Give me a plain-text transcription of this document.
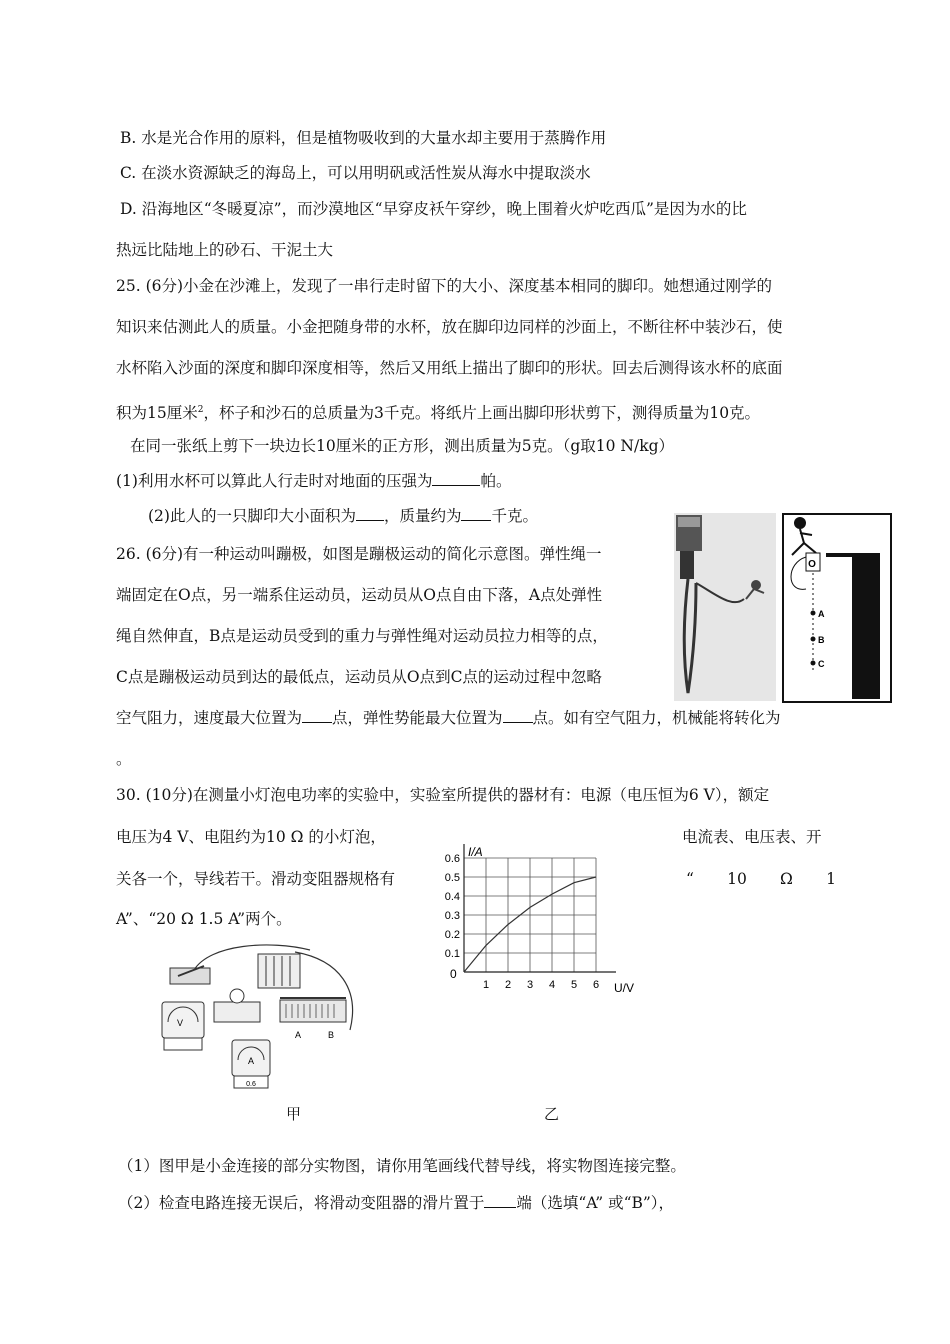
B. 水是光合作用的原料，但是植物吸收到的大量水却主要用于蒸腾作用
C. 在淡水资源缺乏的海岛上，可以用明矾或活性炭从海水中提取淡水
D. 沿海地区“冬暖夏凉”，而沙漠地区“早穿皮袄午穿纱，晚上围着火炉吃西瓜”是因为水的比
热远比陆地上的砂石、干泥土大
25. (6分)小金在沙滩上，发现了一串行走时留下的大小、深度基本相同的脚印。她想通过刚学的
知识来估测此人的质量。小金把随身带的水杯，放在脚印边同样的沙面上，不断往杯中装沙石，使
水杯陷入沙面的深度和脚印深度相等，然后又用纸上描出了脚印的形状。回去后测得该水杯的底面
积为15厘米$^2$，杯子和沙石的总质量为3千克。将纸片上画出脚印形状剪下，测得质量为10克。
在同一张纸上剪下一块边长10厘米的正方形，测出质量为5克。（g取10 N/kg）
(1)利用水杯可以算此人行走时对地面的压强为	帕。
(2)此人的一只脚印大小面积为 ，质量约为 千克。
26. (6分)有一种运动叫蹦极，如图是蹦极运动的简化示意图。弹性绳一
端固定在O点，另一端系住运动员，运动员从O点自由下落，A点处弹性
绳自然伸直，B点是运动员受到的重力与弹性绳对运动员拉力相等的点，
C点是蹦极运动员到达的最低点，运动员从O点到C点的运动过程中忽略
空气阻力，速度最大位置为 点，弹性势能最大位置为 点。如有空气阻力，机械能将转化为
。
O
A
B
C
30. (10分)在测量小灯泡电功率的实验中，实验室所提供的器材有：电源（电压恒为6 V），额定
电压为4 V、电阻约为10 Ω 的小灯泡，	电流表、电压表、开
关各一个，导线若干。滑动变阻器规格有	“ 10 Ω 1
A”、“20 Ω 1.5 A”两个。
V
A	B
A
0.6
甲
1 2 3 4 5 6
0.1
0.2
0.3
0.4
0.5
0.6 I/A
U/V
0
乙
（1）图甲是小金连接的部分实物图，请你用笔画线代替导线，将实物图连接完整。
（2）检查电路连接无误后，将滑动变阻器的滑片置于 端（选填“A” 或“B”），
